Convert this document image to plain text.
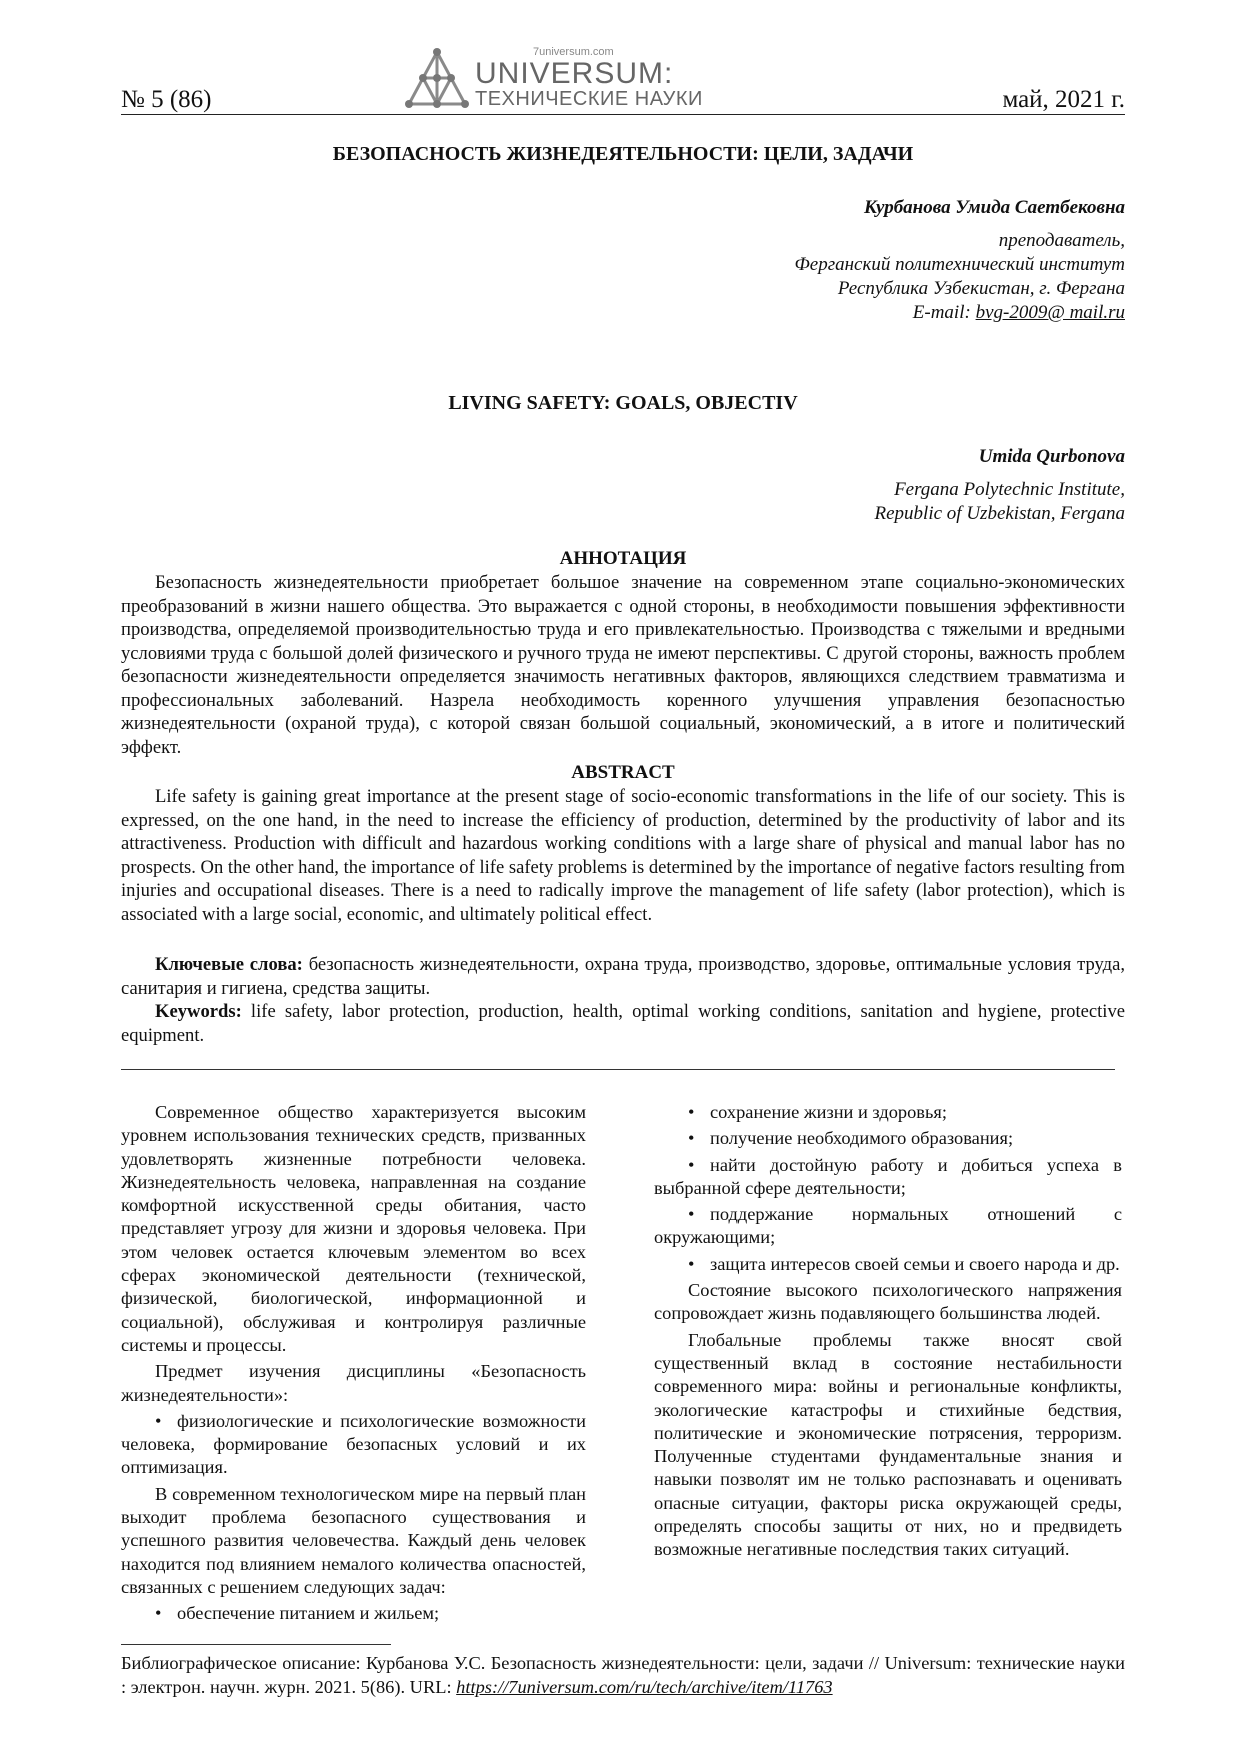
№ 5 (86)	май, 2021 г.
7universum.com
UNIVERSUM:
ТЕХНИЧЕСКИЕ НАУКИ
БЕЗОПАСНОСТЬ ЖИЗНЕДЕЯТЕЛЬНОСТИ: ЦЕЛИ, ЗАДАЧИ
Курбанова Умида Саетбековна
преподаватель,
Ферганский политехнический институт
Республика Узбекистан, г. Фергана
E-mail: bvg-2009@ mail.ru
LIVING SAFETY: GOALS, OBJECTIV
Umida Qurbonova
Fergana Polytechnic Institute,
Republic of Uzbekistan, Fergana
АННОТАЦИЯ

Безопасность жизнедеятельности приобретает большое значение на современном этапе социально-экономических преобразований в жизни нашего общества. Это выражается с одной стороны, в необходимости повышения эффективности производства, определяемой производительностью труда и его привлекательностью. Производства с тяжелыми и вредными условиями труда с большой долей физического и ручного труда не имеют перспективы. С другой стороны, важность проблем безопасности жизнедеятельности определяется значимость негативных факторов, являющихся следствием травматизма и профессиональных заболеваний. Назрела необходимость коренного улучшения управления безопасностью жизнедеятельности (охраной труда), с которой связан большой социальный, экономический, а в итоге и политический эффект.

ABSTRACT

Life safety is gaining great importance at the present stage of socio-economic transformations in the life of our society. This is expressed, on the one hand, in the need to increase the efficiency of production, determined by the productivity of labor and its attractiveness. Production with difficult and hazardous working conditions with a large share of physical and manual labor has no prospects. On the other hand, the importance of life safety problems is determined by the importance of negative factors resulting from injuries and occupational diseases. There is a need to radically improve the management of life safety (labor protection), which is associated with a large social, economic, and ultimately political effect.

Ключевые слова: безопасность жизнедеятельности, охрана труда, производство, здоровье, оптимальные условия труда, санитария и гигиена, средства защиты.

Keywords: life safety, labor protection, production, health, optimal working conditions, sanitation and hygiene, protective equipment.

Современное общество характеризуется высоким уровнем использования технических средств, призванных удовлетворять жизненные потребности человека. Жизнедеятельность человека, направленная на создание комфортной искусственной среды обитания, часто представляет угрозу для жизни и здоровья человека. При этом человек остается ключевым элементом во всех сферах экономической деятельности (технической, физической, биологической, информационной и социальной), обслуживая и контролируя различные системы и процессы.

Предмет изучения дисциплины «Безопасность жизнедеятельности»:

• физиологические и психологические возможности человека, формирование безопасных условий и их оптимизация.

В современном технологическом мире на первый план выходит проблема безопасного существования и успешного развития человечества. Каждый день человек находится под влиянием немалого количества опасностей, связанных с решением следующих задач:

• обеспечение питанием и жильем;

• сохранение жизни и здоровья;

• получение необходимого образования;

• найти достойную работу и добиться успеха в выбранной сфере деятельности;

• поддержание нормальных отношений с окружающими;

• защита интересов своей семьи и своего народа и др.

Состояние высокого психологического напряжения сопровождает жизнь подавляющего большинства людей.

Глобальные проблемы также вносят свой существенный вклад в состояние нестабильности современного мира: войны и региональные конфликты, экологические катастрофы и стихийные бедствия, политические и экономические потрясения, терроризм. Полученные студентами фундаментальные знания и навыки позволят им не только распознавать и оценивать опасные ситуации, факторы риска окружающей среды, определять способы защиты от них, но и предвидеть возможные негативные последствия таких ситуаций.

Библиографическое описание: Курбанова У.С. Безопасность жизнедеятельности: цели, задачи // Universum: технические науки : электрон. научн. журн. 2021. 5(86). URL: https://7universum.com/ru/tech/archive/item/11763
